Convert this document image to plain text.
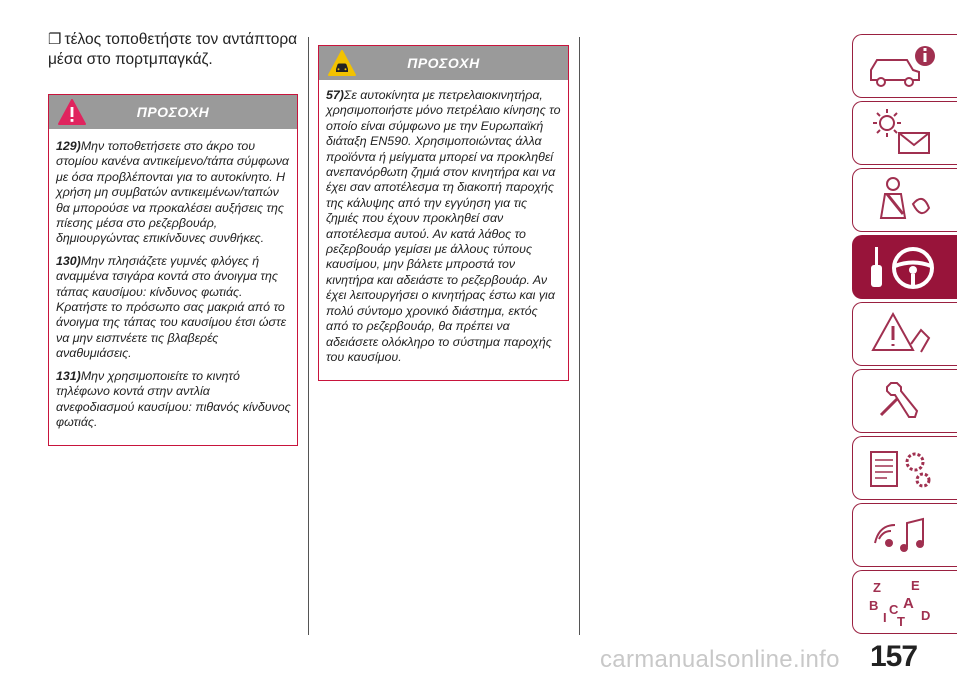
❐ τέλος τοποθετήστε τον αντάπτορα μέσα στο πορτμπαγκάζ.
ΠΡΟΣΟΧΗ

129)Μην τοποθετήσετε στο άκρο του στομίου κανένα αντικείμενο/τάπα σύμφωνα με όσα προβλέπονται για το αυτοκίνητο. Η χρήση μη συμβατών αντικειμένων/ταπών θα μπορούσε να προκαλέσει αυξήσεις της πίεσης μέσα στο ρεζερβουάρ, δημιουργώντας επικίνδυνες συνθήκες.

130)Μην πλησιάζετε γυμνές φλόγες ή αναμμένα τσιγάρα κοντά στο άνοιγμα της τάπας καυσίμου: κίνδυνος φωτιάς. Κρατήστε το πρόσωπο σας μακριά από το άνοιγμα της τάπας του καυσίμου έτσι ώστε να μην εισπνέετε τις βλαβερές αναθυμιάσεις.

131)Μην χρησιμοποιείτε το κινητό τηλέφωνο κοντά στην αντλία ανεφοδιασμού καυσίμου: πιθανός κίνδυνος φωτιάς.

ΠΡΟΣΟΧΗ

57)Σε αυτοκίνητα με πετρελαιοκινητήρα, χρησιμοποιήστε μόνο πετρέλαιο κίνησης το οποίο είναι σύμφωνο με την Ευρωπαϊκή διάταξη EN590. Χρησιμοποιώντας άλλα προϊόντα ή μείγματα μπορεί να προκληθεί ανεπανόρθωτη ζημιά στον κινητήρα και να έχει σαν αποτέλεσμα τη διακοπή παροχής της κάλυψης από την εγγύηση για τις ζημιές που έχουν προκληθεί σαν αποτέλεσμα αυτού. Αν κατά λάθος το ρεζερβουάρ γεμίσει με άλλους τύπους καυσίμου, μην βάλετε μπροστά τον κινητήρα και αδειάστε το ρεζερβουάρ. Αν έχει λειτουργήσει ο κινητήρας έστω και για πολύ σύντομο χρονικό διάστημα, εκτός από το ρεζερβουάρ, θα πρέπει να αδειάσετε ολόκληρο το σύστημα παροχής του καυσίμου.

Z E
B A
I
C
T D
carmanualsonline.info 157
